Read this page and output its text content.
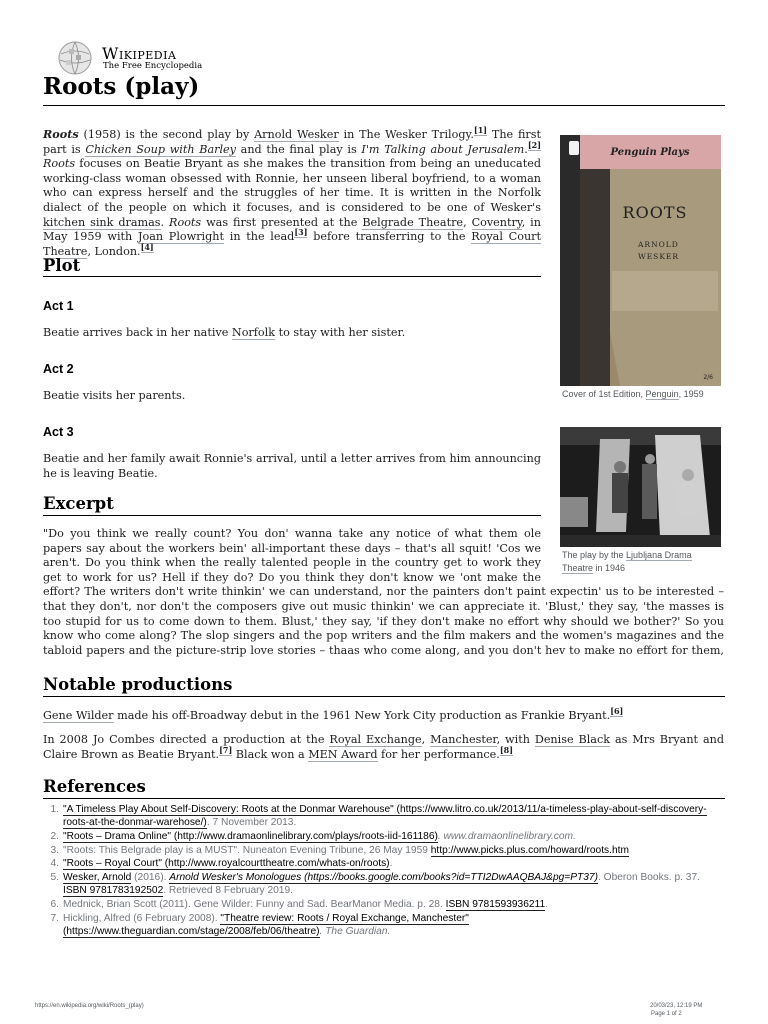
Wikipedia
The Free Encyclopedia
Roots (play)
Roots (1958) is the second play by Arnold Wesker in The Wesker Trilogy.[1] The first part is Chicken Soup with Barley and the final play is I'm Talking about Jerusalem.[2] Roots focuses on Beatie Bryant as she makes the transition from being an uneducated working-class woman obsessed with Ronnie, her unseen liberal boyfriend, to a woman who can express herself and the struggles of her time. It is written in the Norfolk dialect of the people on which it focuses, and is considered to be one of Wesker's kitchen sink dramas. Roots was first presented at the Belgrade Theatre, Coventry, in May 1959 with Joan Plowright in the lead[3] before transferring to the Royal Court Theatre, London.[4]
Penguin Plays
ROOTS
ARNOLD
WESKER
2/6
Cover of 1st Edition, Penguin, 1959
The play by the Ljubljana Drama Theatre in 1946
Plot
Act 1
Beatie arrives back in her native Norfolk to stay with her sister.
Act 2
Beatie visits her parents.
Act 3
Beatie and her family await Ronnie's arrival, until a letter arrives from him announcing he is leaving Beatie.
Excerpt
"Do you think we really count? You don' wanna take any notice of what them ole papers say about the workers bein' all-important these days – that's all squit! 'Cos we aren't. Do you think when the really talented people in the country get to work they get to work for us? Hell if they do? Do you think they don't know we 'ont make the effort? The writers don't write thinkin' we can understand, nor the painters don't paint expectin' us to be interested – that they don't, nor don't the composers give out music thinkin' we can appreciate it. 'Blust,' they say, 'the masses is too stupid for us to come down to them. Blust,' they say, 'if they don't make no effort why should we bother?' So you know who come along? The slop singers and the pop writers and the film makers and the women's magazines and the tabloid papers and the picture-strip love stories – thaas who come along, and you don't hev to make no effort for them,
Notable productions
Gene Wilder made his off-Broadway debut in the 1961 New York City production as Frankie Bryant.[6]
In 2008 Jo Combes directed a production at the Royal Exchange, Manchester, with Denise Black as Mrs Bryant and Claire Brown as Beatie Bryant.[7] Black won a MEN Award for her performance.[8]
References
1. "A Timeless Play About Self-Discovery: Roots at the Donmar Warehouse" (https://www.litro.co.uk/2013/11/a-timeless-play-about-self-discovery-roots-at-the-donmar-warehose/). 7 November 2013.
2. "Roots – Drama Online" (http://www.dramaonlinelibrary.com/plays/roots-iid-161186). www.dramaonlinelibrary.com.
3. "Roots: This Belgrade play is a MUST". Nuneaton Evening Tribune, 26 May 1959 http://www.picks.plus.com/howard/roots.htm
4. "Roots – Royal Court" (http://www.royalcourttheatre.com/whats-on/roots).
5. Wesker, Arnold (2016). Arnold Wesker's Monologues (https://books.google.com/books?id=TTI2DwAAQBAJ&pg=PT37). Oberon Books. p. 37. ISBN 9781783192502. Retrieved 8 February 2019.
6. Mednick, Brian Scott (2011). Gene Wilder: Funny and Sad. BearManor Media. p. 28. ISBN 9781593936211.
7. Hickling, Alfred (6 February 2008). "Theatre review: Roots / Royal Exchange, Manchester" (https://www.theguardian.com/stage/2008/feb/06/theatre). The Guardian.
https://en.wikipedia.org/wiki/Roots_(play)	20/03/23, 12:19 PM
Page 1 of 2
